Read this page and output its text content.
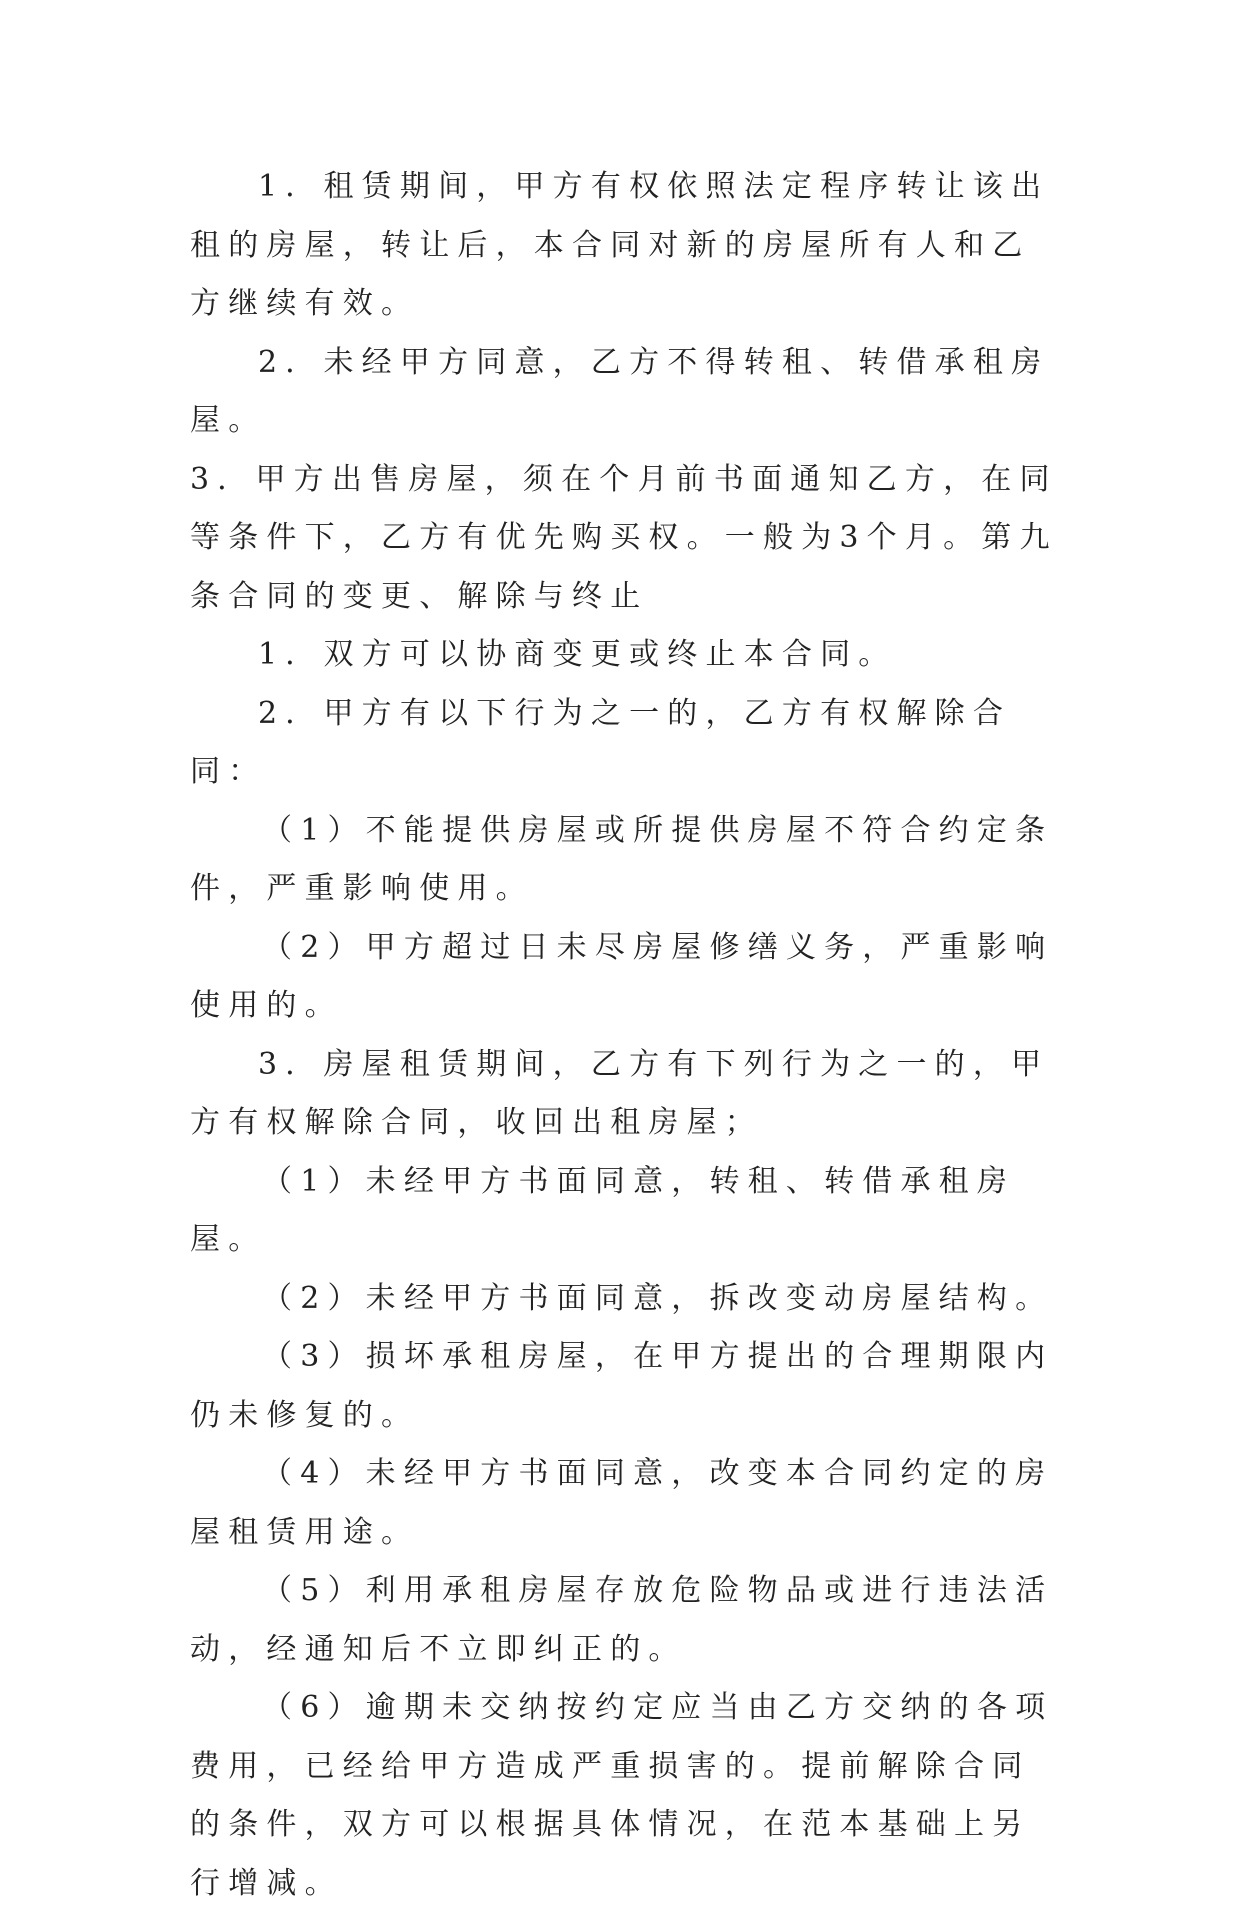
1．租赁期间，甲方有权依照法定程序转让该出租的房屋，转让后，本合同对新的房屋所有人和乙方继续有效。

2．未经甲方同意，乙方不得转租、转借承租房屋。

3．甲方出售房屋，须在个月前书面通知乙方，在同等条件下，乙方有优先购买权。一般为3个月。第九条合同的变更、解除与终止

1．双方可以协商变更或终止本合同。

2．甲方有以下行为之一的，乙方有权解除合同：

（1）不能提供房屋或所提供房屋不符合约定条件，严重影响使用。

（2）甲方超过日未尽房屋修缮义务，严重影响使用的。

3．房屋租赁期间，乙方有下列行为之一的，甲方有权解除合同，收回出租房屋；

（1）未经甲方书面同意，转租、转借承租房屋。

（2）未经甲方书面同意，拆改变动房屋结构。

（3）损坏承租房屋，在甲方提出的合理期限内仍未修复的。

（4）未经甲方书面同意，改变本合同约定的房屋租赁用途。

（5）利用承租房屋存放危险物品或进行违法活动，经通知后不立即纠正的。

（6）逾期未交纳按约定应当由乙方交纳的各项费用，已经给甲方造成严重损害的。提前解除合同的条件，双方可以根据具体情况，在范本基础上另行增减。
